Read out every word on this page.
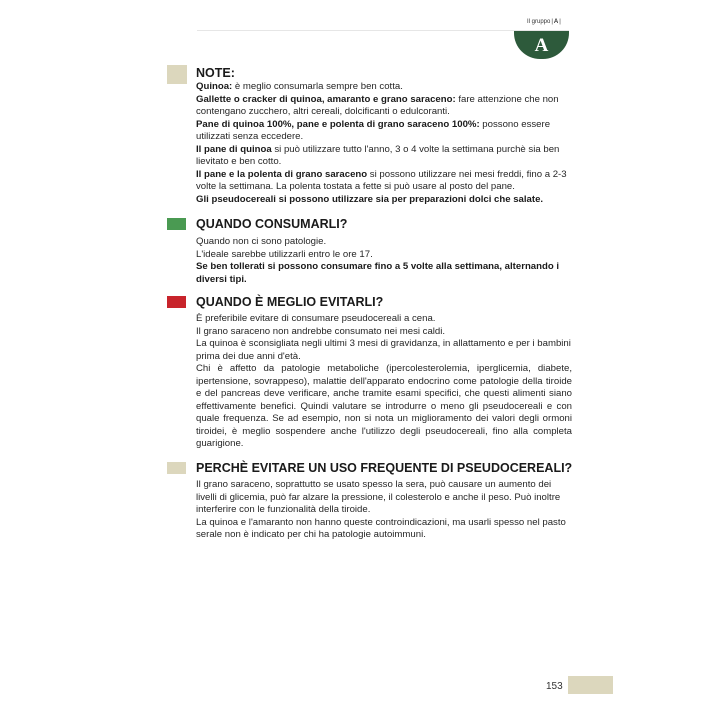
Il gruppo|A|
A
NOTE:

Quinoa: è meglio consumarla sempre ben cotta.

Gallette o cracker di quinoa, amaranto e grano saraceno: fare attenzione che non contengano zucchero, altri cereali, dolcificanti o edulcoranti.

Pane di quinoa 100%, pane e polenta di grano saraceno 100%: possono essere utilizzati senza eccedere.

Il pane di quinoa si può utilizzare tutto l'anno, 3 o 4 volte la settimana purchè sia ben lievitato e ben cotto.

Il pane e la polenta di grano saraceno si possono utilizzare nei mesi freddi, fino a 2-3 volte la settimana. La polenta tostata a fette si può usare al posto del pane.

Gli pseudocereali si possono utilizzare sia per preparazioni dolci che salate.

QUANDO CONSUMARLI?

Quando non ci sono patologie.

L'ideale sarebbe utilizzarli entro le ore 17.

Se ben tollerati si possono consumare fino a 5 volte alla settimana, alternando i diversi tipi.

QUANDO È MEGLIO EVITARLI?

È preferibile evitare di consumare pseudocereali a cena.

Il grano saraceno non andrebbe consumato nei mesi caldi.

La quinoa è sconsigliata negli ultimi 3 mesi di gravidanza, in allattamento e per i bambini prima dei due anni d'età.

Chi è affetto da patologie metaboliche (ipercolesterolemia, iperglicemia, diabete, ipertensione, sovrappeso), malattie dell'apparato endocrino come patologie della tiroide e del pancreas deve verificare, anche tramite esami specifici, che questi alimenti siano effettivamente benefici. Quindi valutare se introdurre o meno gli pseudocereali e con quale frequenza. Se ad esempio, non si nota un miglioramento dei valori degli ormoni tiroidei, è meglio sospendere anche l'utilizzo degli pseudocereali, fino alla completa guarigione.

PERCHÈ EVITARE UN USO FREQUENTE DI PSEUDOCEREALI?

Il grano saraceno, soprattutto se usato spesso la sera, può causare un aumento dei livelli di glicemia, può far alzare la pressione, il colesterolo e anche il peso. Può inoltre interferire con le funzionalità della tiroide.

La quinoa e l'amaranto non hanno queste controindicazioni, ma usarli spesso nel pasto serale non è indicato per chi ha patologie autoimmuni.

153
